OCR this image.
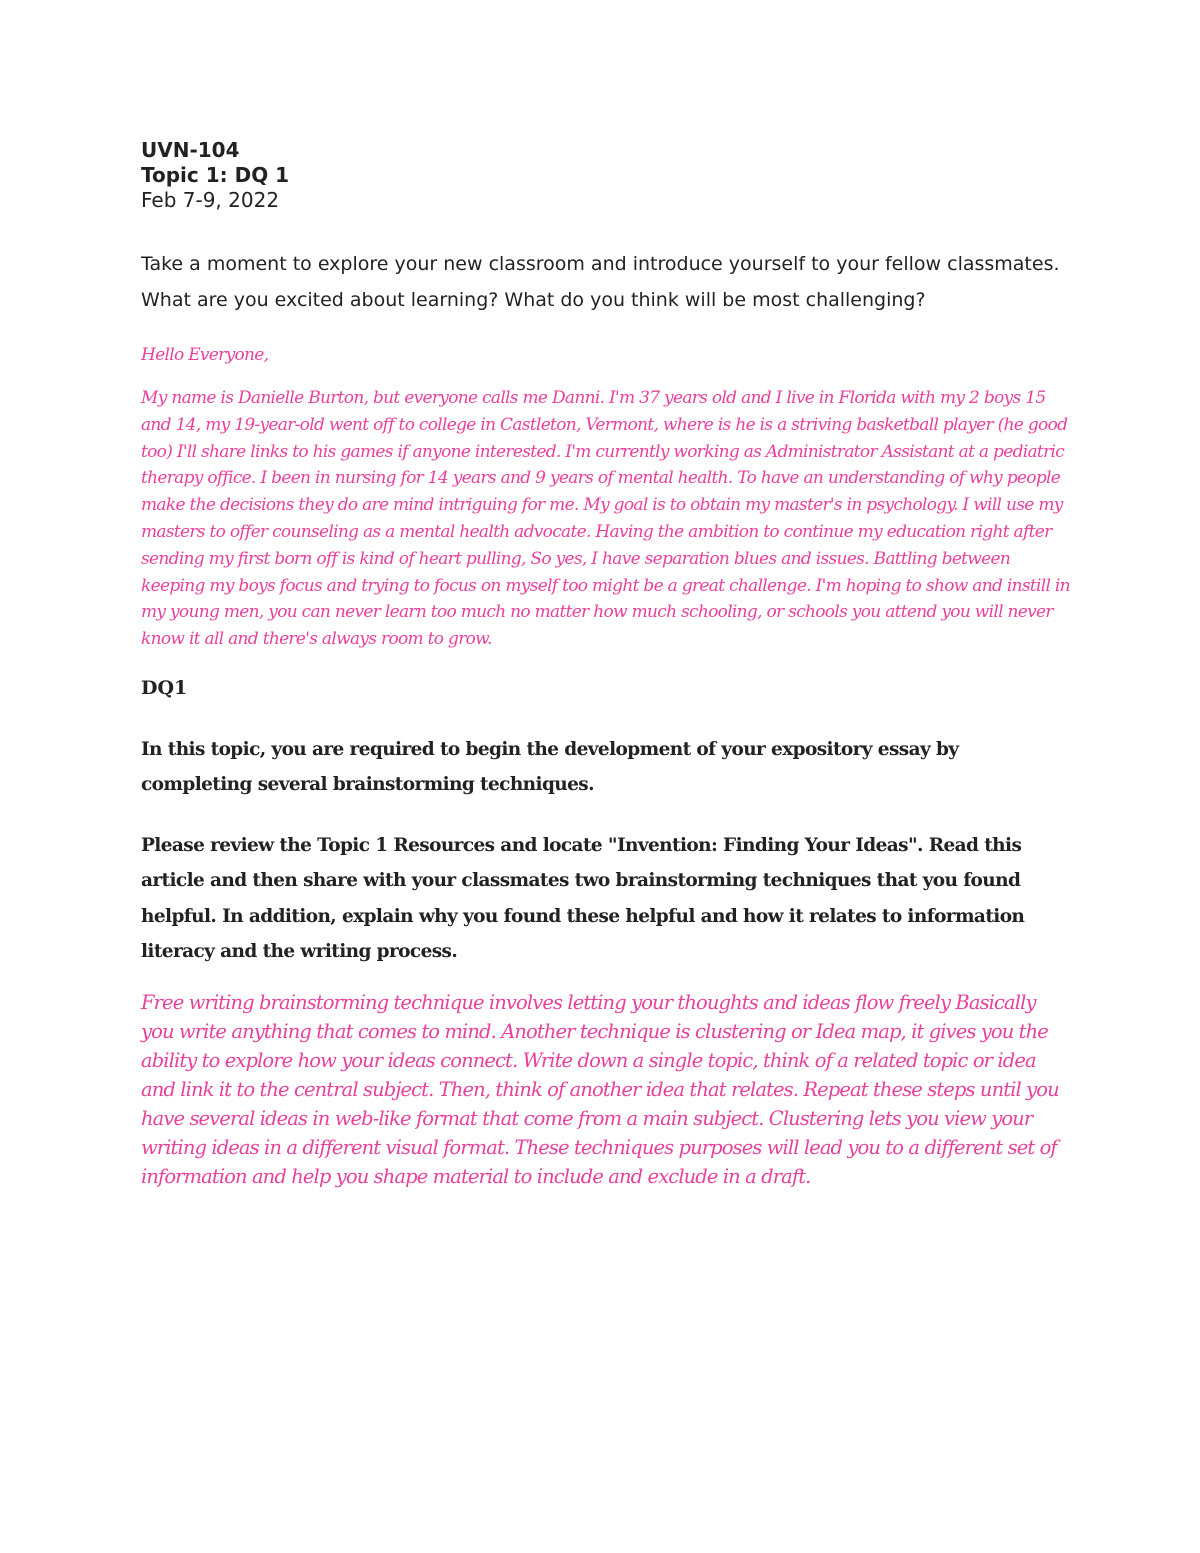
UVN-104

Topic 1: DQ 1

Feb 7-9, 2022

Take a moment to explore your new classroom and introduce yourself to your fellow classmates. What are you excited about learning? What do you think will be most challenging?

Hello Everyone,

My name is Danielle Burton, but everyone calls me Danni. I'm 37 years old and I live in Florida with my 2 boys 15 and 14, my 19-year-old went off to college in Castleton, Vermont, where is he is a striving basketball player (he good too) I'll share links to his games if anyone interested. I'm currently working as Administrator Assistant at a pediatric therapy office. I been in nursing for 14 years and 9 years of mental health. To have an understanding of why people make the decisions they do are mind intriguing for me. My goal is to obtain my master's in psychology. I will use my masters to offer counseling as a mental health advocate. Having the ambition to continue my education right after sending my first born off is kind of heart pulling, So yes, I have separation blues and issues. Battling between keeping my boys focus and trying to focus on myself too might be a great challenge. I'm hoping to show and instill in my young men, you can never learn too much no matter how much schooling, or schools you attend you will never know it all and there's always room to grow.

DQ1

In this topic, you are required to begin the development of your expository essay by completing several brainstorming techniques.

Please review the Topic 1 Resources and locate "Invention: Finding Your Ideas". Read this article and then share with your classmates two brainstorming techniques that you found helpful. In addition, explain why you found these helpful and how it relates to information literacy and the writing process.

Free writing brainstorming technique involves letting your thoughts and ideas flow freely Basically you write anything that comes to mind. Another technique is clustering or Idea map, it gives you the ability to explore how your ideas connect. Write down a single topic, think of a related topic or idea and link it to the central subject. Then, think of another idea that relates. Repeat these steps until you have several ideas in web-like format that come from a main subject. Clustering lets you view your writing ideas in a different visual format. These techniques purposes will lead you to a different set of information and help you shape material to include and exclude in a draft.
